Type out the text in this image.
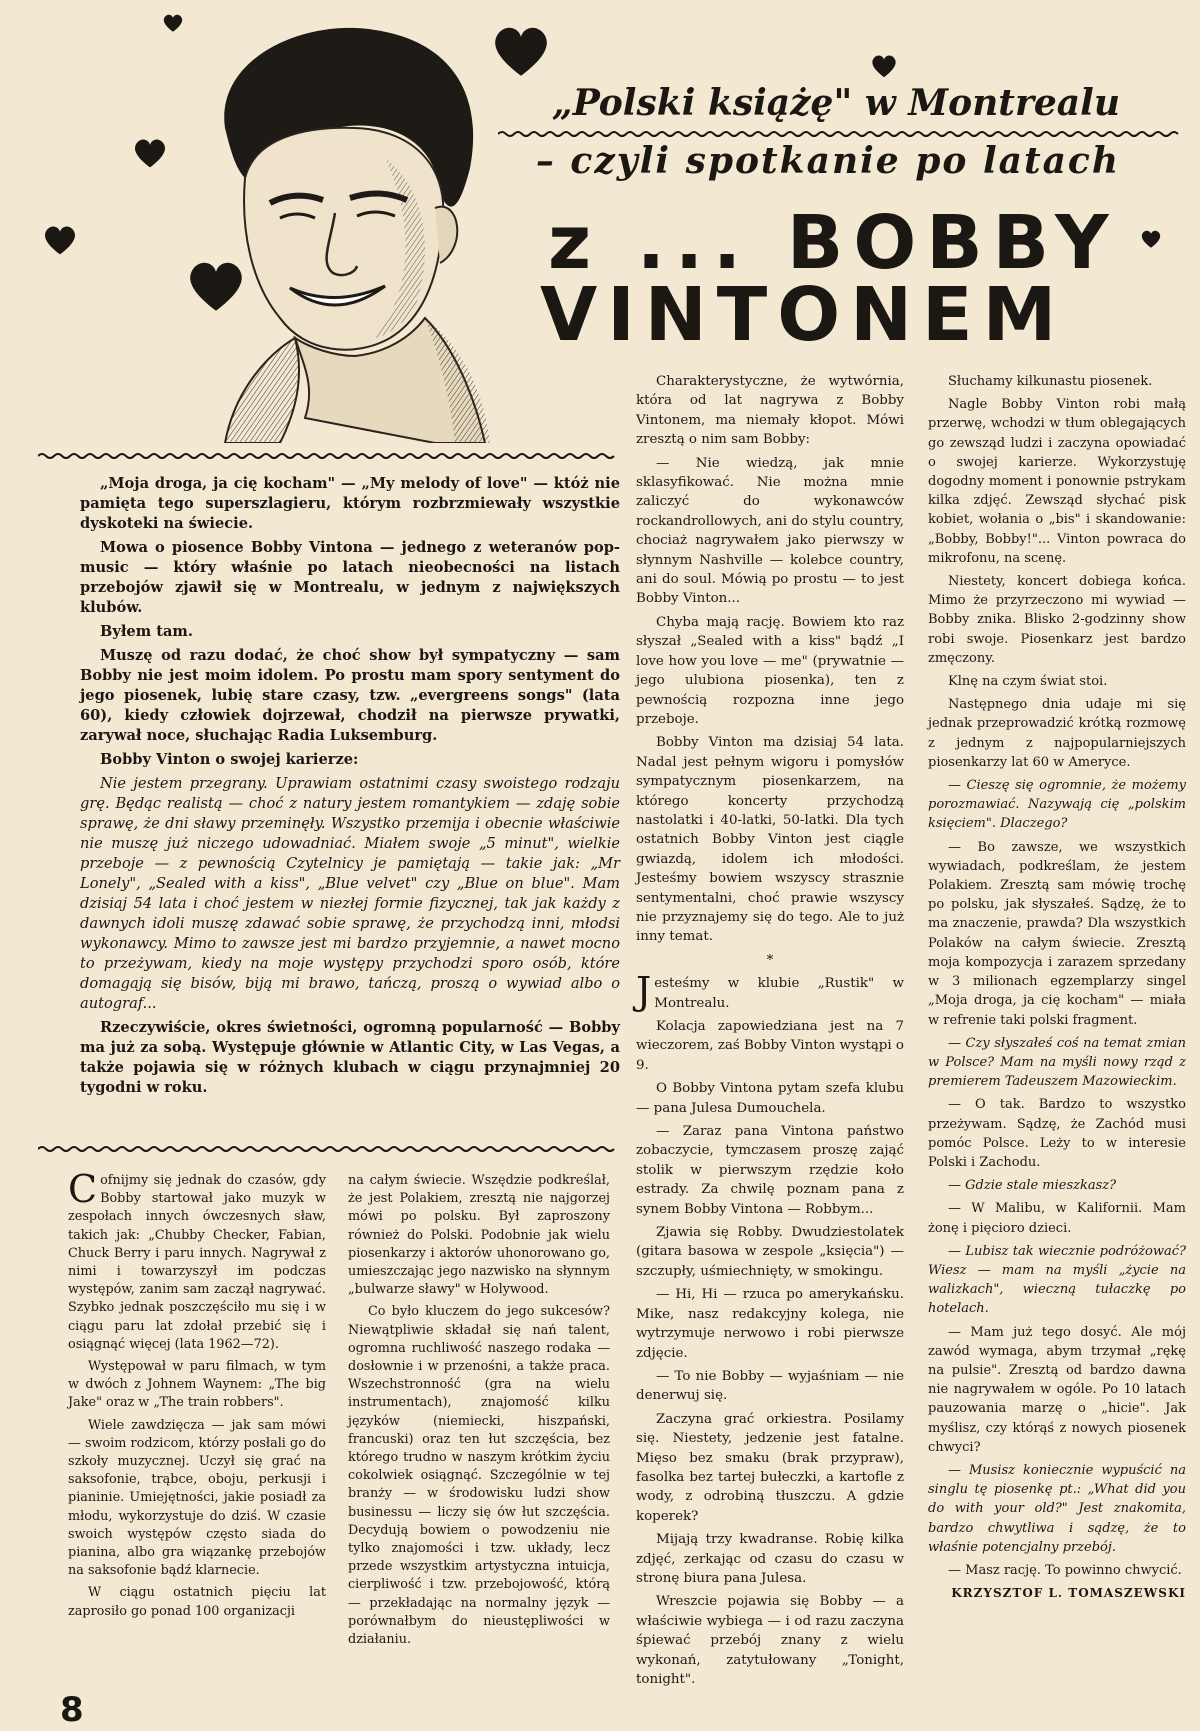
„Polski książę" w Montrealu
– czyli spotkanie po latach
z ... BOBBY
VINTONEM

„Moja droga, ja cię kocham" — „My melody of love" — któż nie pamięta tego superszlagieru, którym rozbrzmiewały wszystkie dyskoteki na świecie.

Mowa o piosence Bobby Vintona — jednego z weteranów pop-music — który właśnie po latach nieobecności na listach przebojów zjawił się w Montrealu, w jednym z największych klubów.

Byłem tam.

Muszę od razu dodać, że choć show był sympatyczny — sam Bobby nie jest moim idolem. Po prostu mam spory sentyment do jego piosenek, lubię stare czasy, tzw. „evergreens songs" (lata 60), kiedy człowiek dojrzewał, chodził na pierwsze prywatki, zarywał noce, słuchając Radia Luksemburg.

Bobby Vinton o swojej karierze:

Nie jestem przegrany. Uprawiam ostatnimi czasy swoistego rodzaju grę. Będąc realistą — choć z natury jestem romantykiem — zdaję sobie sprawę, że dni sławy przeminęły. Wszystko przemija i obecnie właściwie nie muszę już niczego udowadniać. Miałem swoje „5 minut", wielkie przeboje — z pewnością Czytelnicy je pamiętają — takie jak: „Mr Lonely", „Sealed with a kiss", „Blue velvet" czy „Blue on blue". Mam dzisiaj 54 lata i choć jestem w niezłej formie fizycznej, tak jak każdy z dawnych idoli muszę zdawać sobie sprawę, że przychodzą inni, młodsi wykonawcy. Mimo to zawsze jest mi bardzo przyjemnie, a nawet mocno to przeżywam, kiedy na moje występy przychodzi sporo osób, które domagają się bisów, biją mi brawo, tańczą, proszą o wywiad albo o autograf...

Rzeczywiście, okres świetności, ogromną popularność — Bobby ma już za sobą. Występuje głównie w Atlantic City, w Las Vegas, a także pojawia się w różnych klubach w ciągu przynajmniej 20 tygodni w roku.

Cofnijmy się jednak do czasów, gdy Bobby startował jako muzyk w zespołach innych ówczesnych sław, takich jak: „Chubby Checker, Fabian, Chuck Berry i paru innych. Nagrywał z nimi i towarzyszył im podczas występów, zanim sam zaczął nagrywać. Szybko jednak poszczęściło mu się i w ciągu paru lat zdołał przebić się i osiągnąć więcej (lata 1962—72).

Występował w paru filmach, w tym w dwóch z Johnem Waynem: „The big Jake" oraz w „The train robbers".

Wiele zawdzięcza — jak sam mówi — swoim rodzicom, którzy posłali go do szkoły muzycznej. Uczył się grać na saksofonie, trąbce, oboju, perkusji i pianinie. Umiejętności, jakie posiadł za młodu, wykorzystuje do dziś. W czasie swoich występów często siada do pianina, albo gra wiązankę przebojów na saksofonie bądź klarnecie.

W ciągu ostatnich pięciu lat zaprosiło go ponad 100 organizacji

na całym świecie. Wszędzie podkreślał, że jest Polakiem, zresztą nie najgorzej mówi po polsku. Był zaproszony również do Polski. Podobnie jak wielu piosenkarzy i aktorów uhonorowano go, umieszczając jego nazwisko na słynnym „bulwarze sławy" w Holywood.

Co było kluczem do jego sukcesów? Niewątpliwie składał się nań talent, ogromna ruchliwość naszego rodaka — dosłownie i w przenośni, a także praca. Wszechstronność (gra na wielu instrumentach), znajomość kilku języków (niemiecki, hiszpański, francuski) oraz ten łut szczęścia, bez którego trudno w naszym krótkim życiu cokolwiek osiągnąć. Szczególnie w tej branży — w środowisku ludzi show businessu — liczy się ów łut szczęścia. Decydują bowiem o powodzeniu nie tylko znajomości i tzw. układy, lecz przede wszystkim artystyczna intuicja, cierpliwość i tzw. przebojowość, którą — przekładając na normalny język — porównałbym do nieustępliwości w działaniu.

Charakterystyczne, że wytwórnia, która od lat nagrywa z Bobby Vintonem, ma niemały kłopot. Mówi zresztą o nim sam Bobby:

— Nie wiedzą, jak mnie sklasyfikować. Nie można mnie zaliczyć do wykonawców rockandrollowych, ani do stylu country, chociaż nagrywałem jako pierwszy w słynnym Nashville — kolebce country, ani do soul. Mówią po prostu — to jest Bobby Vinton...

Chyba mają rację. Bowiem kto raz słyszał „Sealed with a kiss" bądź „I love how you love — me" (prywatnie — jego ulubiona piosenka), ten z pewnością rozpozna inne jego przeboje.

Bobby Vinton ma dzisiaj 54 lata. Nadal jest pełnym wigoru i pomysłów sympatycznym piosenkarzem, na którego koncerty przychodzą nastolatki i 40-latki, 50-latki. Dla tych ostatnich Bobby Vinton jest ciągle gwiazdą, idolem ich młodości. Jesteśmy bowiem wszyscy strasznie sentymentalni, choć prawie wszyscy nie przyznajemy się do tego. Ale to już inny temat.

*

Jesteśmy w klubie „Rustik" w Montrealu.

Kolacja zapowiedziana jest na 7 wieczorem, zaś Bobby Vinton wystąpi o 9.

O Bobby Vintona pytam szefa klubu — pana Julesa Dumouchela.

— Zaraz pana Vintona państwo zobaczycie, tymczasem proszę zająć stolik w pierwszym rzędzie koło estrady. Za chwilę poznam pana z synem Bobby Vintona — Robbym...

Zjawia się Robby. Dwudziestolatek (gitara basowa w zespole „księcia") — szczupły, uśmiechnięty, w smokingu.

— Hi, Hi — rzuca po amerykańsku. Mike, nasz redakcyjny kolega, nie wytrzymuje nerwowo i robi pierwsze zdjęcie.

— To nie Bobby — wyjaśniam — nie denerwuj się.

Zaczyna grać orkiestra. Posilamy się. Niestety, jedzenie jest fatalne. Mięso bez smaku (brak przypraw), fasolka bez tartej bułeczki, a kartofle z wody, z odrobiną tłuszczu. A gdzie koperek?

Mijają trzy kwadranse. Robię kilka zdjęć, zerkając od czasu do czasu w stronę biura pana Julesa.

Wreszcie pojawia się Bobby — a właściwie wybiega — i od razu zaczyna śpiewać przebój znany z wielu wykonań, zatytułowany „Tonight, tonight".

Słuchamy kilkunastu piosenek.

Nagle Bobby Vinton robi małą przerwę, wchodzi w tłum oblegających go zewsząd ludzi i zaczyna opowiadać o swojej karierze. Wykorzystuję dogodny moment i ponownie pstrykam kilka zdjęć. Zewsząd słychać pisk kobiet, wołania o „bis" i skandowanie: „Bobby, Bobby!"... Vinton powraca do mikrofonu, na scenę.

Niestety, koncert dobiega końca. Mimo że przyrzeczono mi wywiad — Bobby znika. Blisko 2-godzinny show robi swoje. Piosenkarz jest bardzo zmęczony.

Klnę na czym świat stoi.

Następnego dnia udaje mi się jednak przeprowadzić krótką rozmowę z jednym z najpopularniejszych piosenkarzy lat 60 w Ameryce.

— Cieszę się ogromnie, że możemy porozmawiać. Nazywają cię „polskim księciem". Dlaczego?

— Bo zawsze, we wszystkich wywiadach, podkreślam, że jestem Polakiem. Zresztą sam mówię trochę po polsku, jak słyszałeś. Sądzę, że to ma znaczenie, prawda? Dla wszystkich Polaków na całym świecie. Zresztą moja kompozycja i zarazem sprzedany w 3 milionach egzemplarzy singel „Moja droga, ja cię kocham" — miała w refrenie taki polski fragment.

— Czy słyszałeś coś na temat zmian w Polsce? Mam na myśli nowy rząd z premierem Tadeuszem Mazowieckim.

— O tak. Bardzo to wszystko przeżywam. Sądzę, że Zachód musi pomóc Polsce. Leży to w interesie Polski i Zachodu.

— Gdzie stale mieszkasz?

— W Malibu, w Kalifornii. Mam żonę i pięcioro dzieci.

— Lubisz tak wiecznie podróżować? Wiesz — mam na myśli „życie na walizkach", wieczną tułaczkę po hotelach.

— Mam już tego dosyć. Ale mój zawód wymaga, abym trzymał „rękę na pulsie". Zresztą od bardzo dawna nie nagrywałem w ogóle. Po 10 latach pauzowania marzę o „hicie". Jak myślisz, czy którąś z nowych piosenek chwyci?

— Musisz koniecznie wypuścić na singlu tę piosenkę pt.: „What did you do with your old?" Jest znakomita, bardzo chwytliwa i sądzę, że to właśnie potencjalny przebój.

— Masz rację. To powinno chwycić.

KRZYSZTOF L. TOMASZEWSKI

8
